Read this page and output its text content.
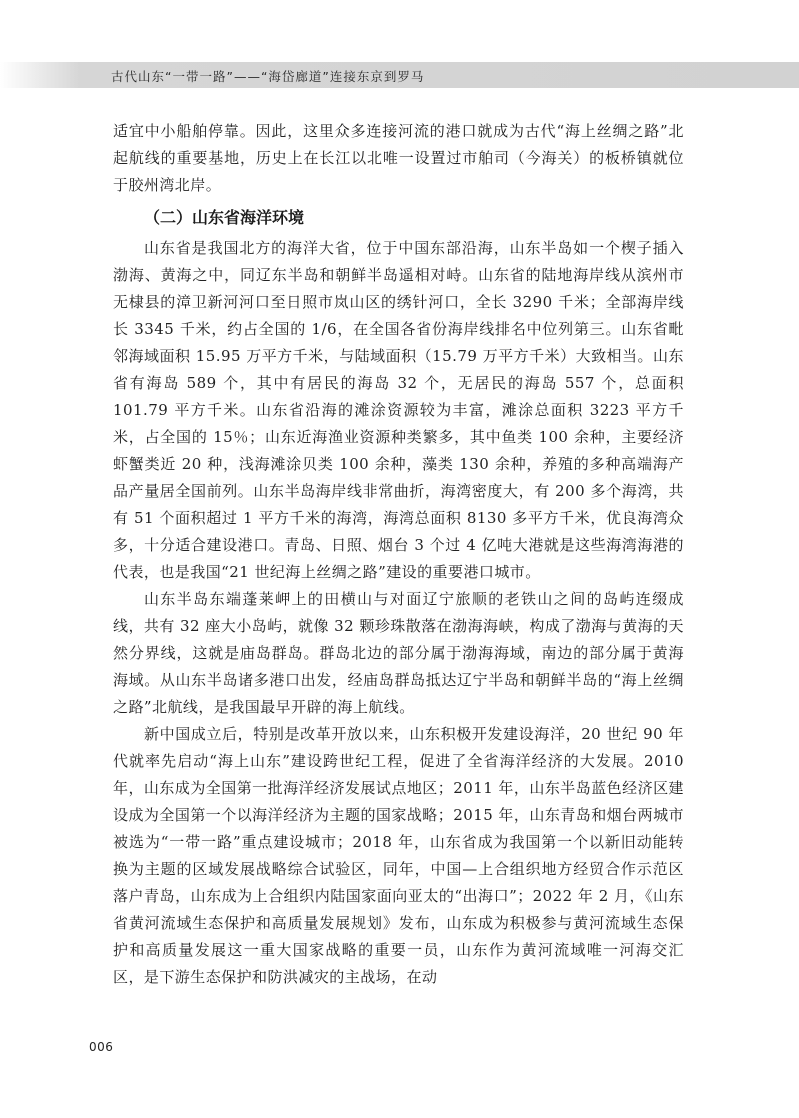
古代山东“一带一路”——“海岱廊道”连接东京到罗马

适宜中小船舶停靠。因此，这里众多连接河流的港口就成为古代“海上丝绸之路”北起航线的重要基地，历史上在长江以北唯一设置过市舶司（今海关）的板桥镇就位于胶州湾北岸。

（二）山东省海洋环境

山东省是我国北方的海洋大省，位于中国东部沿海，山东半岛如一个楔子插入渤海、黄海之中，同辽东半岛和朝鲜半岛遥相对峙。山东省的陆地海岸线从滨州市无棣县的漳卫新河河口至日照市岚山区的绣针河口，全长 3290 千米；全部海岸线长 3345 千米，约占全国的 1/6，在全国各省份海岸线排名中位列第三。山东省毗邻海域面积 15.95 万平方千米，与陆域面积（15.79 万平方千米）大致相当。山东省有海岛 589 个，其中有居民的海岛 32 个，无居民的海岛 557 个，总面积 101.79 平方千米。山东省沿海的滩涂资源较为丰富，滩涂总面积 3223 平方千米，占全国的 15％；山东近海渔业资源种类繁多，其中鱼类 100 余种，主要经济虾蟹类近 20 种，浅海滩涂贝类 100 余种，藻类 130 余种，养殖的多种高端海产品产量居全国前列。山东半岛海岸线非常曲折，海湾密度大，有 200 多个海湾，共有 51 个面积超过 1 平方千米的海湾，海湾总面积 8130 多平方千米，优良海湾众多，十分适合建设港口。青岛、日照、烟台 3 个过 4 亿吨大港就是这些海湾海港的代表，也是我国“21 世纪海上丝绸之路”建设的重要港口城市。

山东半岛东端蓬莱岬上的田横山与对面辽宁旅顺的老铁山之间的岛屿连缀成线，共有 32 座大小岛屿，就像 32 颗珍珠散落在渤海海峡，构成了渤海与黄海的天然分界线，这就是庙岛群岛。群岛北边的部分属于渤海海域，南边的部分属于黄海海域。从山东半岛诸多港口出发，经庙岛群岛抵达辽宁半岛和朝鲜半岛的“海上丝绸之路”北航线，是我国最早开辟的海上航线。

新中国成立后，特别是改革开放以来，山东积极开发建设海洋，20 世纪 90 年代就率先启动“海上山东”建设跨世纪工程，促进了全省海洋经济的大发展。2010 年，山东成为全国第一批海洋经济发展试点地区；2011 年，山东半岛蓝色经济区建设成为全国第一个以海洋经济为主题的国家战略；2015 年，山东青岛和烟台两城市被选为“一带一路”重点建设城市；2018 年，山东省成为我国第一个以新旧动能转换为主题的区域发展战略综合试验区，同年，中国—上合组织地方经贸合作示范区落户青岛，山东成为上合组织内陆国家面向亚太的“出海口”；2022 年 2 月，《山东省黄河流域生态保护和高质量发展规划》发布，山东成为积极参与黄河流域生态保护和高质量发展这一重大国家战略的重要一员，山东作为黄河流域唯一河海交汇区，是下游生态保护和防洪减灾的主战场，在动

006
